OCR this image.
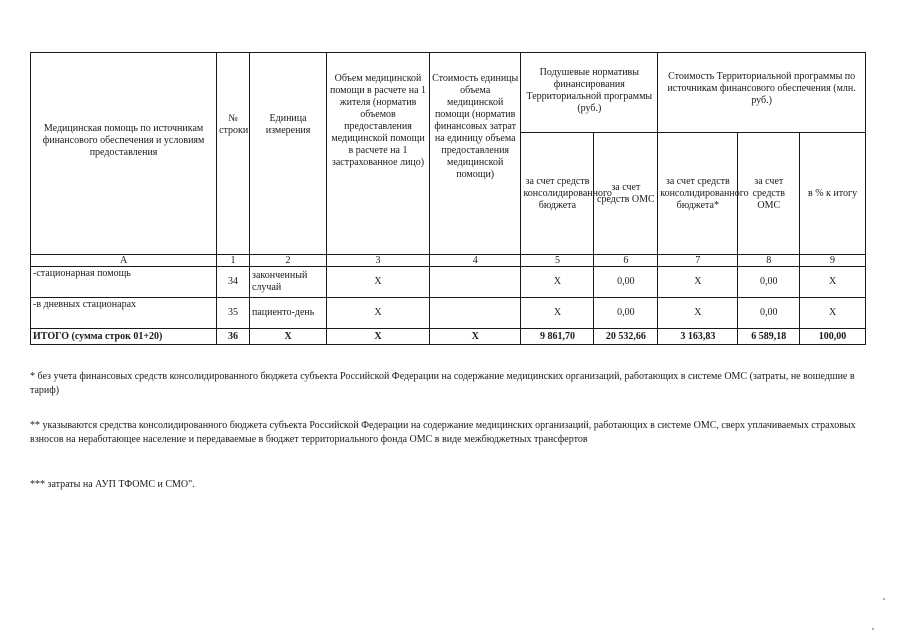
Медицинская помощь по источникам финансового обеспечения и условиям предоставления	№ строки	Единица измерения	Объем медицинской помощи в расчете на 1 жителя (норматив объемов предоставления медицинской помощи в расчете на 1 застрахованное лицо)	Стоимость единицы объема медицинской помощи (норматив финансовых затрат на единицу объема предоставления медицинской помощи)	Подушевые нормативы финансирования Территориальной программы (руб.)		Стоимость Территориальной программы по источникам финансового обеспечения (млн. руб.)		
					за счет средств консолидированного бюджета	за счет средств ОМС	за счет средств консолидированного бюджета*	за счет средств ОМС	в % к итогу
А	1	2	3	4	5	6	7	8	9
-стационарная помощь	34	законченный случай	X		X	0,00	X	0,00	X
-в дневных стационарах	35	пациенто-день	X		X	0,00	X	0,00	X
ИТОГО (сумма строк 01+20)	36	X	X	X	9 861,70	20 532,66	3 163,83	6 589,18	100,00
* без учета финансовых средств консолидированного бюджета субъекта Российской Федерации на содержание медицинских организаций, работающих в системе ОМС (затраты, не вошедшие в тариф)
** указываются средства консолидированного бюджета субъекта Российской Федерации на содержание медицинских организаций, работающих в системе ОМС, сверх уплачиваемых страховых взносов на неработающее население и передаваемые в бюджет территориального фонда ОМС в виде межбюджетных трансфертов
*** затраты на АУП ТФОМС и СМО".
